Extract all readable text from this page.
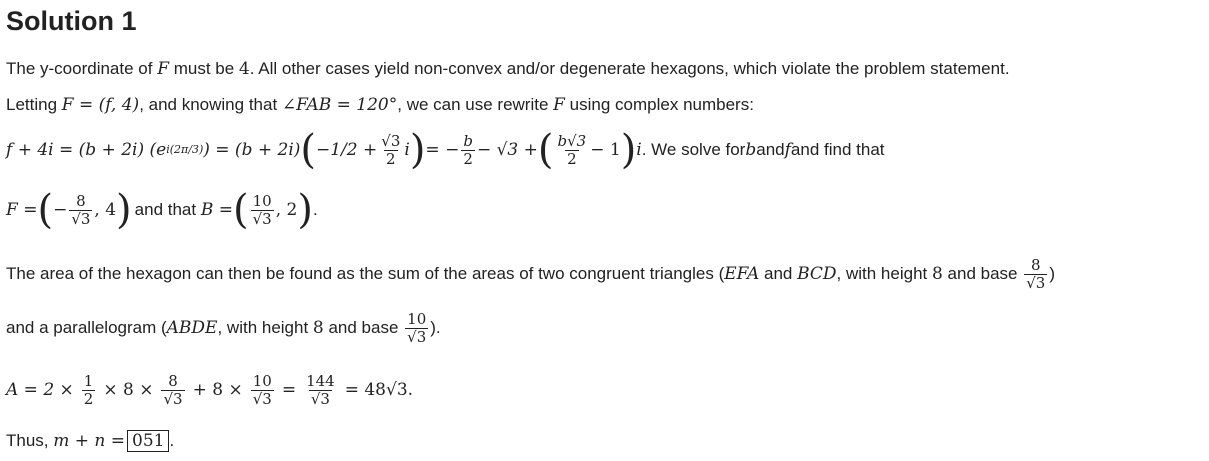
Solution 1
The y-coordinate of F must be 4. All other cases yield non-convex and/or degenerate hexagons, which violate the problem statement.
Letting F = (f, 4), and knowing that ∠FAB = 120°, we can use rewrite F using complex numbers:
f + 4i = (b + 2i) (e i(2π/3) ) = (b + 2i) ( $-1/2 + \frac{√3}{2}$ i ) = − $\frac{b}{2} - √3$ + ( $\frac{b√3}{2} - 1$ ) i . We solve for b and f and find that
F = ( − $\frac{8}{√3}$ , 4 ) and that
B = ( $\frac{10}{√3}$ , 2 ) .
The area of the hexagon can then be found as the sum of the areas of two congruent triangles ( EFA and BCD , with height 8 and base $\frac{8}{√3}$ )
and a parallelogram ( ABDE , with height 8 and base $\frac{10}{√3}$ ).
$A = 2 \times \frac{1}{2} \times 8 \times \frac{8}{√3} + 8 \times \frac{10}{√3} = \frac{144}{√3} = 48√3$.
Thus, m + n = 051 .
